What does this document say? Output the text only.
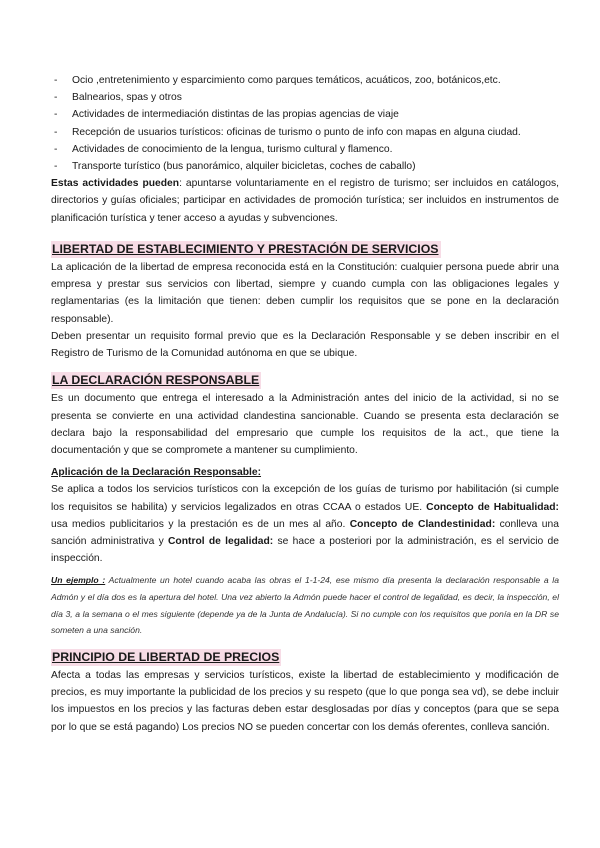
- Ocio ,entretenimiento y esparcimiento como parques temáticos, acuáticos, zoo, botánicos,etc.
- Balnearios, spas y otros
- Actividades de intermediación distintas de las propias agencias de viaje
- Recepción de usuarios turísticos: oficinas de turismo o punto de info con mapas en alguna ciudad.
- Actividades de conocimiento de la lengua, turismo cultural y flamenco.
- Transporte turístico (bus panorámico, alquiler bicicletas, coches de caballo)

Estas actividades pueden: apuntarse voluntariamente en el registro de turismo; ser incluidos en catálogos, directorios y guías oficiales; participar en actividades de promoción turística; ser incluidos en instrumentos de planificación turística y tener acceso a ayudas y subvenciones.

LIBERTAD DE ESTABLECIMIENTO Y PRESTACIÓN DE SERVICIOS

La aplicación de la libertad de empresa reconocida está en la Constitución: cualquier persona puede abrir una empresa y prestar sus servicios con libertad, siempre y cuando cumpla con las obligaciones legales y reglamentarias (es la limitación que tienen: deben cumplir los requisitos que se pone en la declaración responsable).

Deben presentar un requisito formal previo que es la Declaración Responsable y se deben inscribir en el Registro de Turismo de la Comunidad autónoma en que se ubique.

LA DECLARACIÓN RESPONSABLE

Es un documento que entrega el interesado a la Administración antes del inicio de la actividad, si no se presenta se convierte en una actividad clandestina sancionable. Cuando se presenta esta declaración se declara bajo la responsabilidad del empresario que cumple los requisitos de la act., que tiene la documentación y que se compromete a mantener su cumplimiento.

Aplicación de la Declaración Responsable:

Se aplica a todos los servicios turísticos con la excepción de los guías de turismo por habilitación (si cumple los requisitos se habilita) y servicios legalizados en otras CCAA o estados UE. Concepto de Habitualidad: usa medios publicitarios y la prestación es de un mes al año. Concepto de Clandestinidad: conlleva una sanción administrativa y Control de legalidad: se hace a posteriori por la administración, es el servicio de inspección.

Un ejemplo : Actualmente un hotel cuando acaba las obras el 1-1-24, ese mismo día presenta la declaración responsable a la Admón y el día dos es la apertura del hotel. Una vez abierto la Admón puede hacer el control de legalidad, es decir, la inspección, el día 3, a la semana o el mes siguiente (depende ya de la Junta de Andalucía). Si no cumple con los requisitos que ponía en la DR se someten a una sanción.

PRINCIPIO DE LIBERTAD DE PRECIOS

Afecta a todas las empresas y servicios turísticos, existe la libertad de establecimiento y modificación de precios, es muy importante la publicidad de los precios y su respeto (que lo que ponga sea vd), se debe incluir los impuestos en los precios y las facturas deben estar desglosadas por días y conceptos (para que se sepa por lo que se está pagando) Los precios NO se pueden concertar con los demás oferentes, conlleva sanción.
